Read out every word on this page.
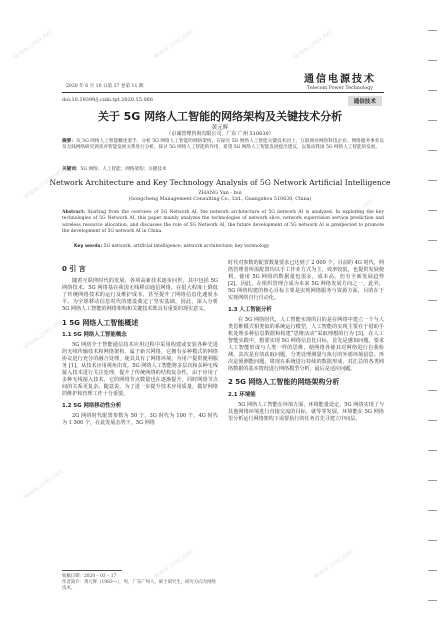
www.cnki.net	www.cnki.net	www.cnki.net
www.cnki.net
www.cnki.net
www.cnki.net
www.cnki.net
www.cnki.net
www.cnki.net	www.cnki.net
2020 年 6 月 10 日第 37 卷第 11 期
通信电源技术
Telecom Power Technology
doi:10.19399/j.cnki.tpt.2020.15.066	通信技术
关于 5G 网络人工智能的网络架构及关键技术分析
黄元辉
（京诚管理咨询有限公司，广东 广州 510630）
摘要：从 5G 网络人工智能概述着手，分析 5G 网络人工智能的网络架构，在探究 5G 网络人工智能关键技术同上，互联网对网络科技企业、网络服务事业以及无线网络研究调查对智能发展关系进行分析，探讨 5G 网络人工智能的作用，希望 5G 网络人工智能发展提出建议，以推动我国 5G 网络人工智能的发展。
关键词：5G 网络；人工智能；网络架构；关键技术
Network Architecture and Key Technology Analysis of 5G Network Artificial Intelligence
ZHANG Yan - hui
(Gongcheng Management Consulting Co., Ltd., Guangzhou 510630, China)
Abstract: Starting from the overview of 5G Network AI, the network architecture of 5G network AI is analyzed. In exploring the key technologies of 5G Network AI, this paper mainly analyzes the technologies of network slice, network supervision service prediction and wireless resource allocation, and discusses the role of 5G Network AI, the future development of 5G network AI is prospected to promote the development of 5G network AI in China.
Key words: 5G network; artificial intelligence; network architecture; key technology
0 引 言

随着互联网时代的发展，各项高新技术逐步问世，其中包括 5G 网络技术。5G 网络基在我国无线移动通信网络，在很大程度上降低了传统网络技术的运行及维护成本，甚至提升了网络信息化速度水平。为全球移动信息时代的建设奠定了坚实基础。因此，深入分析 5G 网络人工智能的网络架构和关键技术既具有重要的现实意义。

1 5G 网络人工智能概述
1.1 5G 网络人工智能概念

5G 网络介于智能通信技术应用过程中采用构建或安装各种先进的无线传输技术和网络架构，属于新兴网络，它拥有多种模式的网络协议进行充分的融合处理，使其具有了网络环境，为用户提供便利服务 [1]。从技术应用视角出发，5G 网络人工智能将多层次和多种无线接入技术进行关注处理，提升了传统网络的结构复杂性，由于应用了多种无线接入技术，它的网络节点数量也在逐渐提升，同时网络节点间的关系更复杂。随意说，为了进一步提升技术应用质量，做好网络的维护和管理工作十分重要。

1.2 5G 网络移动性分析

2G 网络时代配置参数为 50 个，3G 时代为 100 个，4G 时代为 1 500 个，在此发展态势下，5G 网络

时代对参数的配置数量要求已达到了 2 000 个，目前的 4G 时代，网络管理者所需配置均以手工作业方式为主，效率较低，也提供发展便利。使用 5G 网络的数据量也很多，成本高，但有全新发展趋势 [2]。因此，在组织管理合成为未来 5G 网络发展方向之一。此外，5G 网络构建的核心目标主要是实现网络服务与资源方面，目的在于实现网络自行自动化。

1.3 人工智能分析

在 5G 网络时代，人工智能实现的目的是在网络中建立一个与人类思维模式相类似的系统运行模型，人工智能的实现主要在于借助手机处理多种信息数据和构建“思维活动”采取理想的行为 [3]。在人工智能实践中，想要实现 5G 网络信息化目标，首先是感知问题，要求人工智能形成与人类一样的思维，使网络各使其对网络进行自我检测，其次是有效获取问题，分类处理测量与执行的外部环境信息；再次是预测能问题，将现在系统进行持续的数据形成，对汇总的各类网络数据的基本情况进行网络模型分析，最后是适应问题。

2 5G 网络人工智能的网络架构分析
2.1 环境能

5G 网络人工智能在环境方面，环境能量设定，5G 网络实现了与其他网络环境进行直接交流的目标。就等等发展。环境能在 5G 网络里分析运行网络架构下需要执行的任务首先寻建立中间层。

收稿日期：2020 – 03 – 17
作者简介：黄元辉（1983—），男，广东广州人，硕士研究生，研究方向为网络技术。
